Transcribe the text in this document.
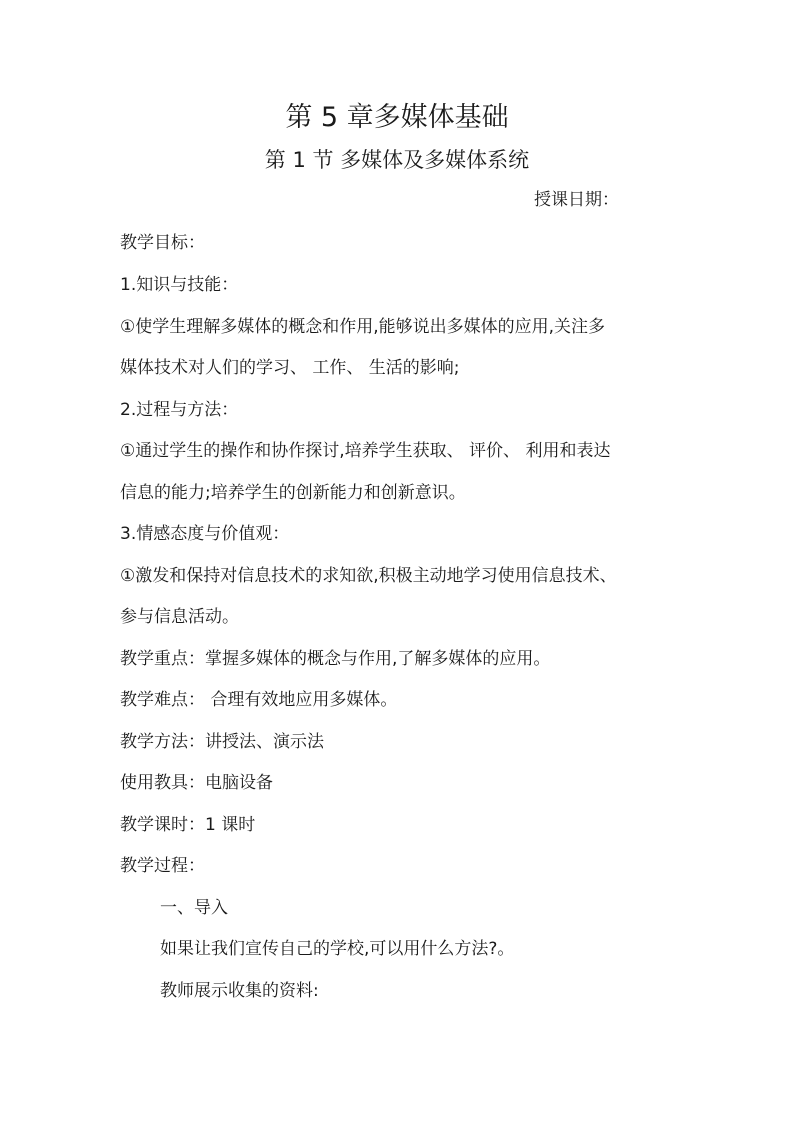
第 5 章多媒体基础
第 1 节 多媒体及多媒体系统
授课日期：
教学目标：
1.知识与技能：
①使学生理解多媒体的概念和作用,能够说出多媒体的应用,关注多
媒体技术对人们的学习、 工作、 生活的影响;
2.过程与方法：
①通过学生的操作和协作探讨,培养学生获取、 评价、 利用和表达
信息的能力;培养学生的创新能力和创新意识。
3.情感态度与价值观：
①激发和保持对信息技术的求知欲,积极主动地学习使用信息技术、
参与信息活动。
教学重点：掌握多媒体的概念与作用,了解多媒体的应用。
教学难点： 合理有效地应用多媒体。
教学方法：讲授法、演示法
使用教具：电脑设备
教学课时：1 课时
教学过程：
一、导入
如果让我们宣传自己的学校,可以用什么方法?。
教师展示收集的资料:
